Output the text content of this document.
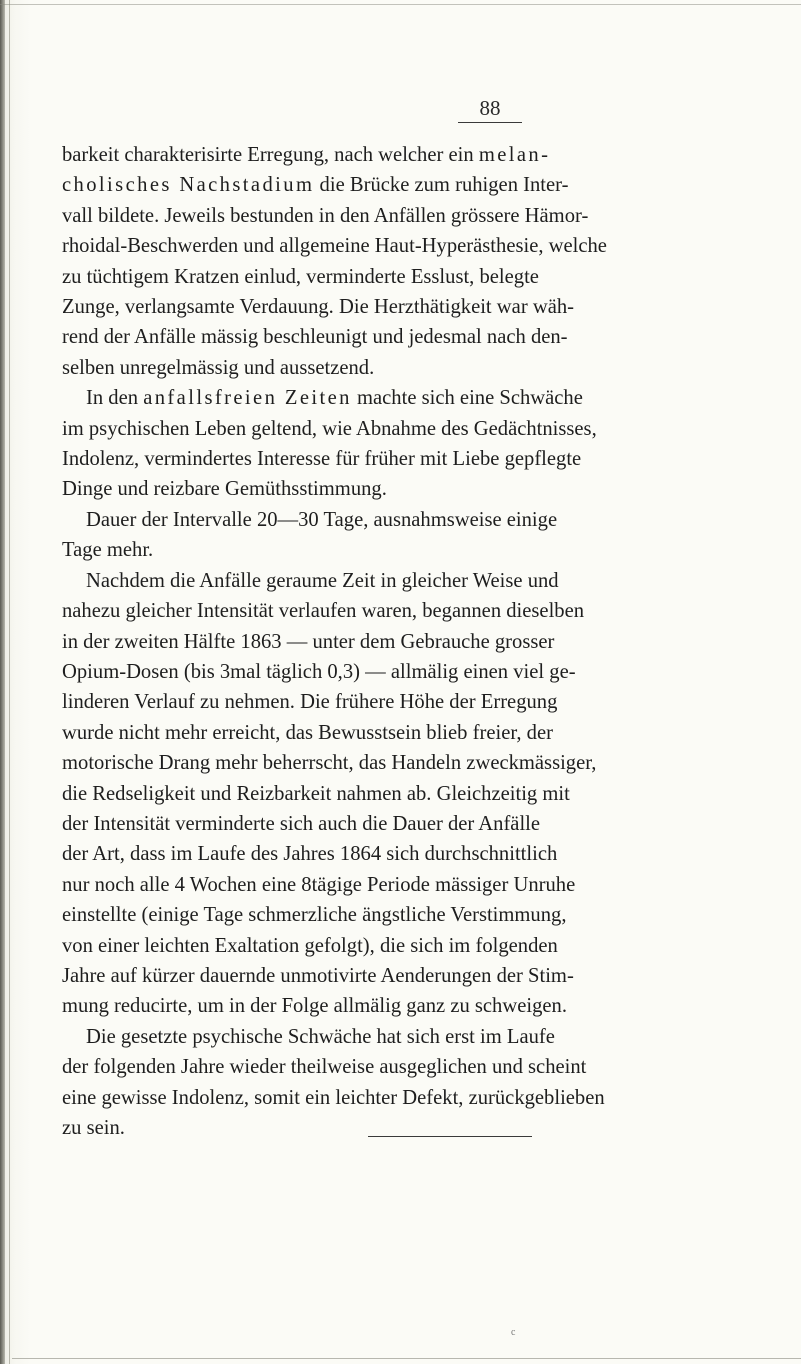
88

barkeit charakterisirte Erregung, nach welcher ein melan-
cholisches Nachstadium die Brücke zum ruhigen Inter-
vall bildete. Jeweils bestunden in den Anfällen grössere Hämor-
rhoidal-Beschwerden und allgemeine Haut-Hyperästhesie, welche
zu tüchtigem Kratzen einlud, verminderte Esslust, belegte
Zunge, verlangsamte Verdauung. Die Herzthätigkeit war wäh-
rend der Anfälle mässig beschleunigt und jedesmal nach den-
selben unregelmässig und aussetzend.

In den anfallsfreien Zeiten machte sich eine Schwäche
im psychischen Leben geltend, wie Abnahme des Gedächtnisses,
Indolenz, vermindertes Interesse für früher mit Liebe gepflegte
Dinge und reizbare Gemüthsstimmung.

Dauer der Intervalle 20—30 Tage, ausnahmsweise einige
Tage mehr.

Nachdem die Anfälle geraume Zeit in gleicher Weise und
nahezu gleicher Intensität verlaufen waren, begannen dieselben
in der zweiten Hälfte 1863 — unter dem Gebrauche grosser
Opium-Dosen (bis 3mal täglich 0,3) — allmälig einen viel ge-
linderen Verlauf zu nehmen. Die frühere Höhe der Erregung
wurde nicht mehr erreicht, das Bewusstsein blieb freier, der
motorische Drang mehr beherrscht, das Handeln zweckmässiger,
die Redseligkeit und Reizbarkeit nahmen ab. Gleichzeitig mit
der Intensität verminderte sich auch die Dauer der Anfälle
der Art, dass im Laufe des Jahres 1864 sich durchschnittlich
nur noch alle 4 Wochen eine 8tägige Periode mässiger Unruhe
einstellte (einige Tage schmerzliche ängstliche Verstimmung,
von einer leichten Exaltation gefolgt), die sich im folgenden
Jahre auf kürzer dauernde unmotivirte Aenderungen der Stim-
mung reducirte, um in der Folge allmälig ganz zu schweigen.

Die gesetzte psychische Schwäche hat sich erst im Laufe
der folgenden Jahre wieder theilweise ausgeglichen und scheint
eine gewisse Indolenz, somit ein leichter Defekt, zurückgeblieben
zu sein.

c
